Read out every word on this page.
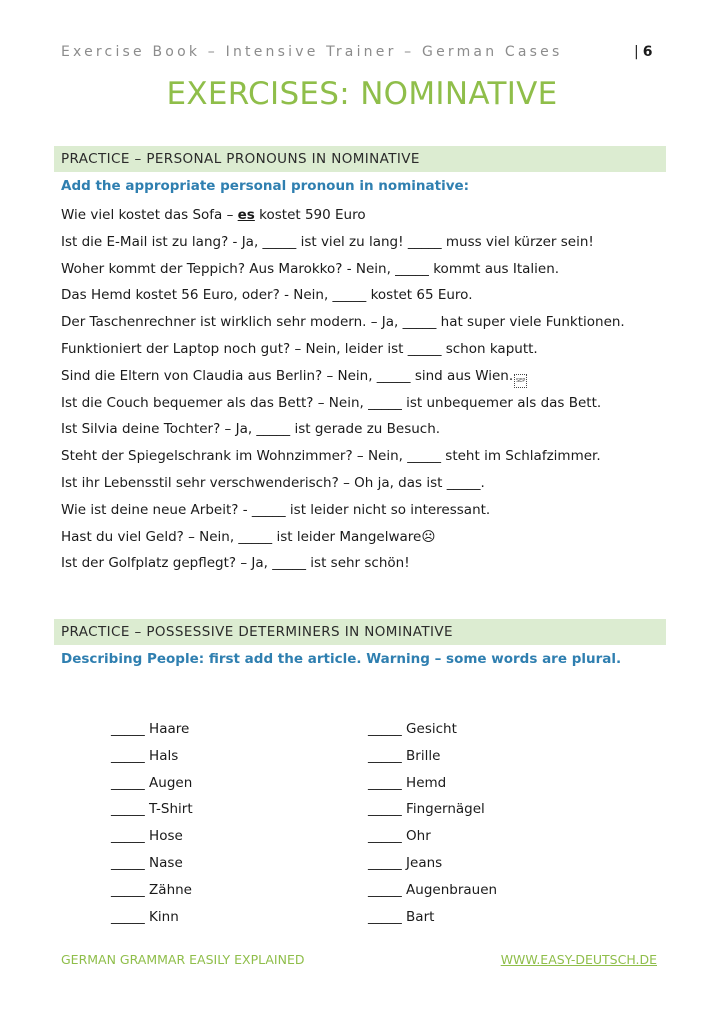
Exercise Book – Intensive Trainer – German Cases	| 6
EXERCISES: NOMINATIVE
PRACTICE – PERSONAL PRONOUNS IN NOMINATIVE
Add the appropriate personal pronoun in nominative:
Wie viel kostet das Sofa – es kostet 590 Euro
Ist die E-Mail ist zu lang? - Ja, _____ ist viel zu lang! _____ muss viel kürzer sein!
Woher kommt der Teppich? Aus Marokko? - Nein, _____ kommt aus Italien.
Das Hemd kostet 56 Euro, oder? - Nein, _____ kostet 65 Euro.
Der Taschenrechner ist wirklich sehr modern. – Ja, _____ hat super viele Funktionen.
Funktioniert der Laptop noch gut? – Nein, leider ist _____ schon kaputt.
Sind die Eltern von Claudia aus Berlin? – Nein, _____ sind aus Wien. SEP
Ist die Couch bequemer als das Bett? – Nein, _____ ist unbequemer als das Bett.
Ist Silvia deine Tochter? – Ja, _____ ist gerade zu Besuch.
Steht der Spiegelschrank im Wohnzimmer? – Nein, _____ steht im Schlafzimmer.
Ist ihr Lebensstil sehr verschwenderisch? – Oh ja, das ist _____.
Wie ist deine neue Arbeit? - _____ ist leider nicht so interessant.
Hast du viel Geld? – Nein, _____ ist leider Mangelware☹
Ist der Golfplatz gepflegt? – Ja, _____ ist sehr schön!
PRACTICE – POSSESSIVE DETERMINERS IN NOMINATIVE
Describing People: first add the article. Warning – some words are plural.
_____ Haare
_____ Hals
_____ Augen
_____ T-Shirt
_____ Hose
_____ Nase
_____ Zähne
_____ Kinn
_____ Gesicht
_____ Brille
_____ Hemd
_____ Fingernägel
_____ Ohr
_____ Jeans
_____ Augenbrauen
_____ Bart
GERMAN GRAMMAR EASILY EXPLAINED	WWW.EASY-DEUTSCH.DE
